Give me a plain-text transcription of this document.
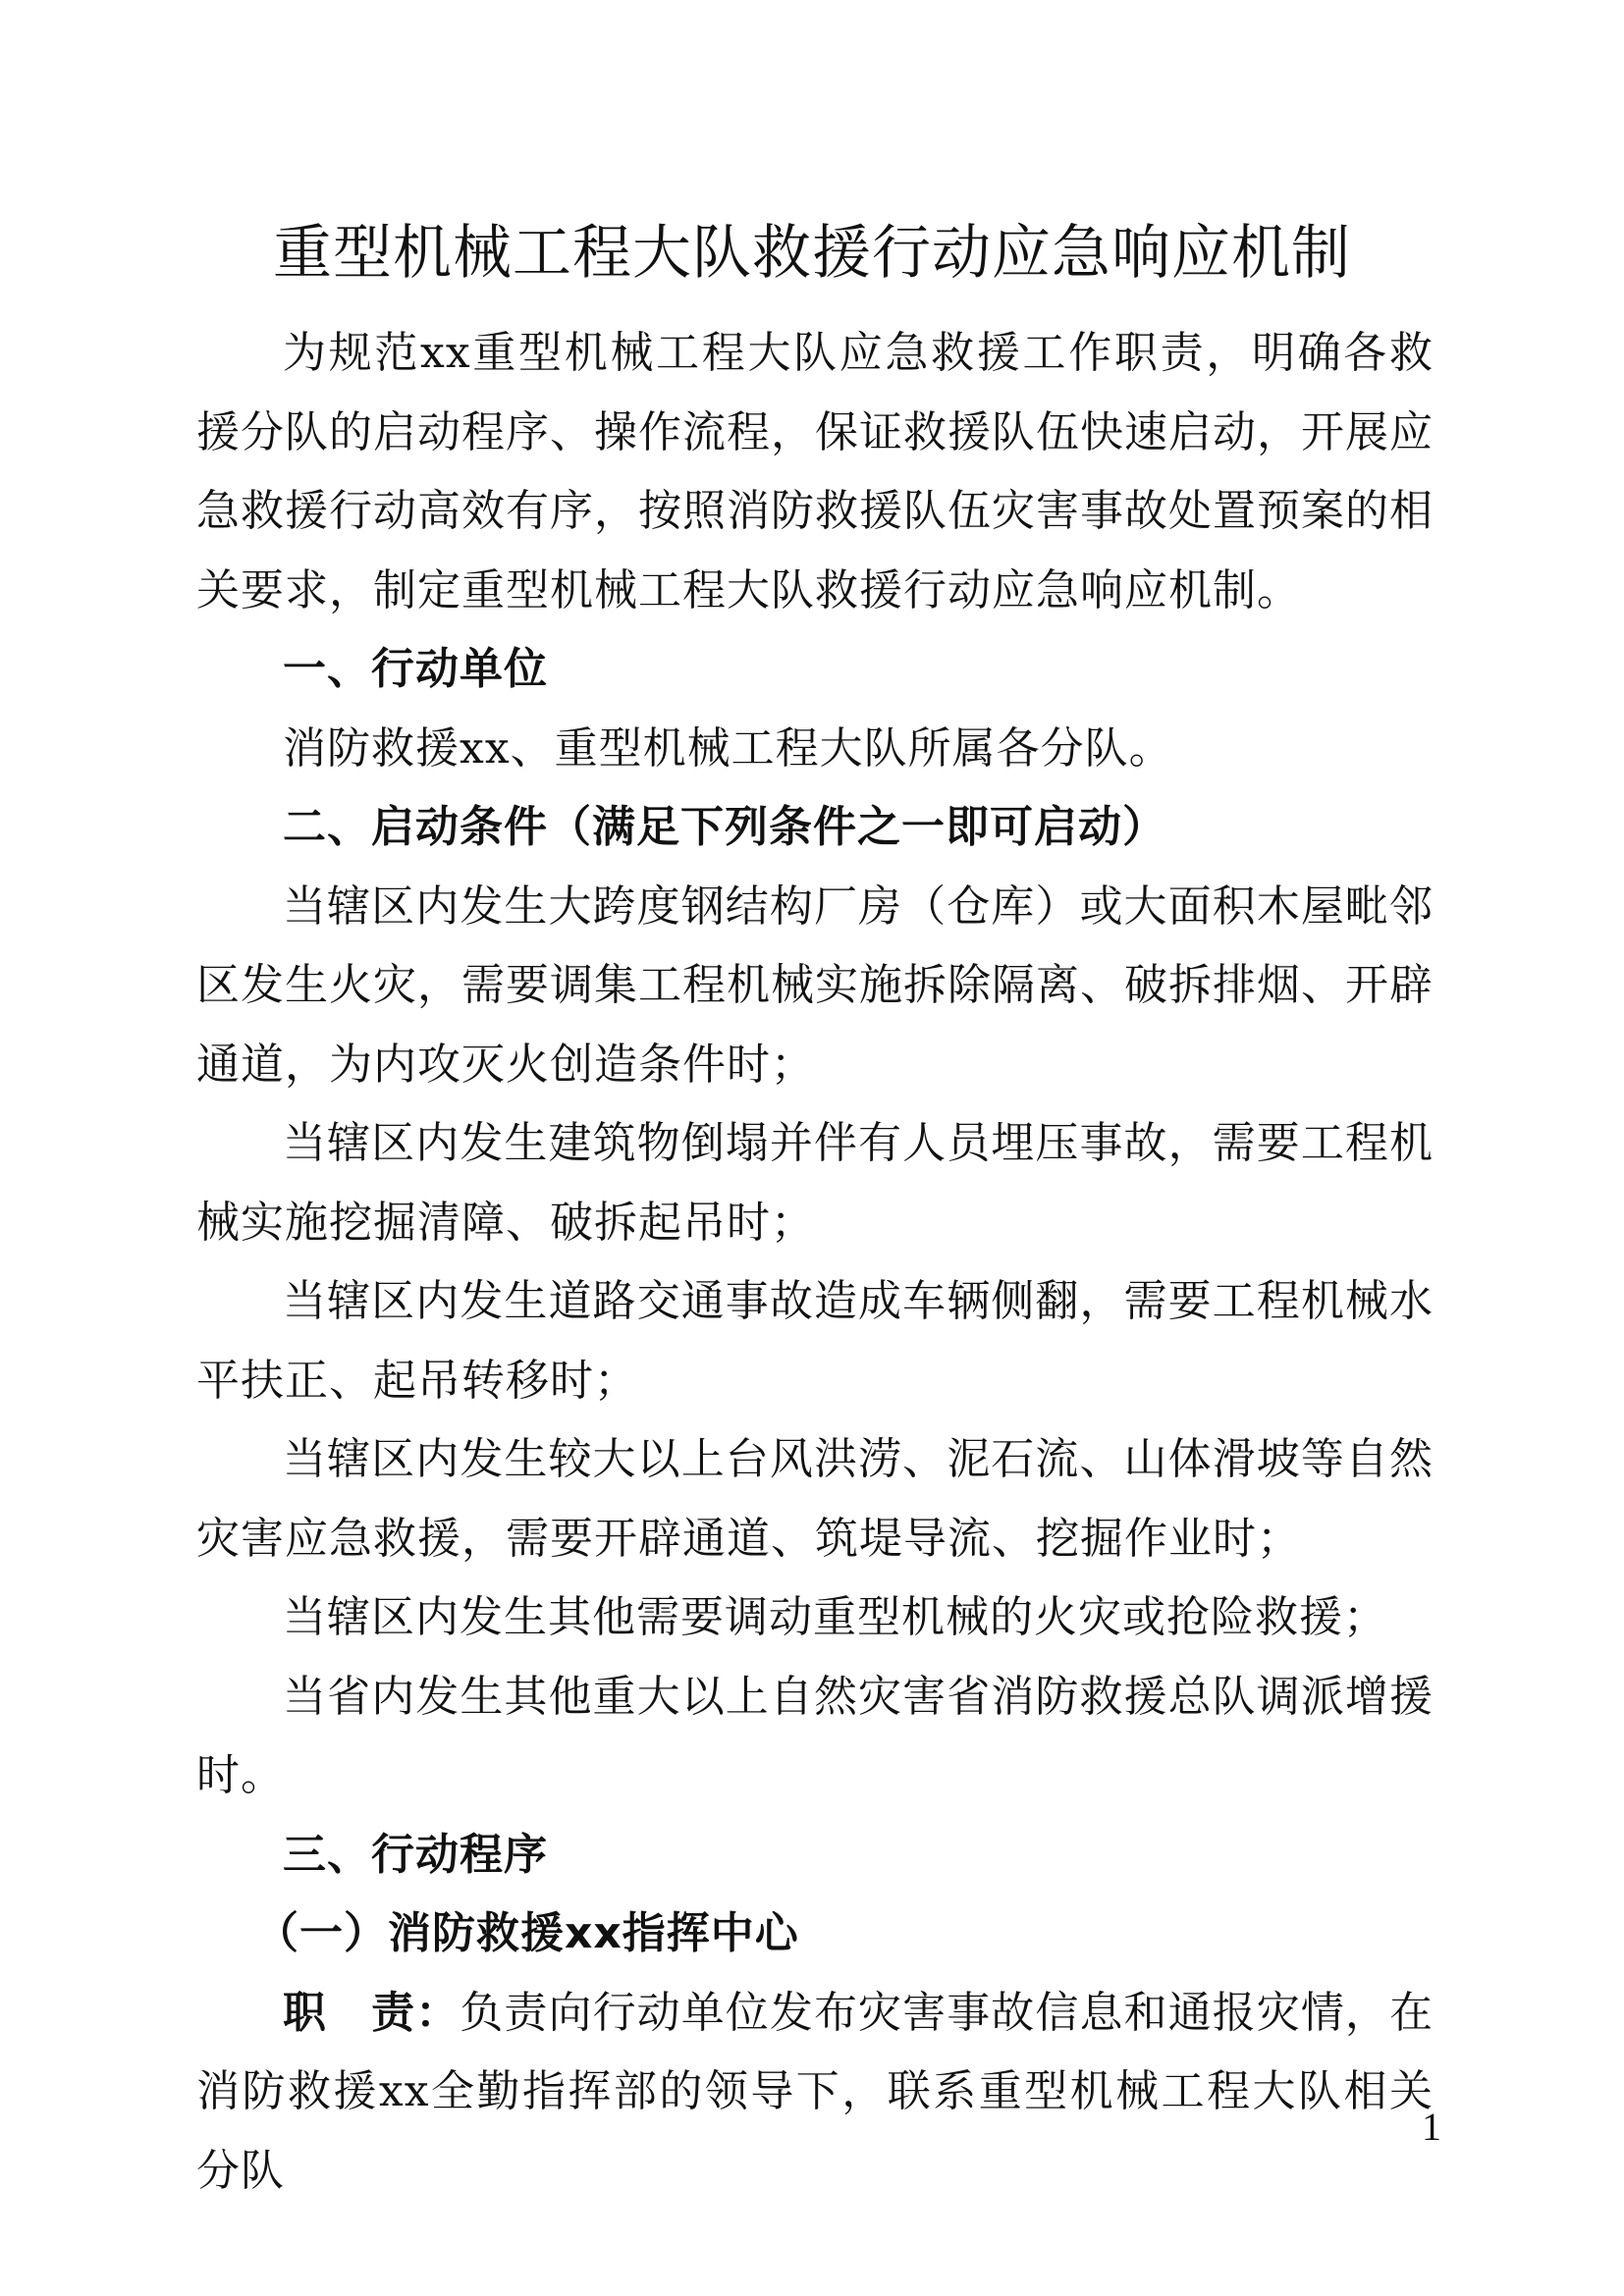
重型机械工程大队救援行动应急响应机制

为规范xx重型机械工程大队应急救援工作职责，明确各救援分队的启动程序、操作流程，保证救援队伍快速启动，开展应急救援行动高效有序，按照消防救援队伍灾害事故处置预案的相关要求，制定重型机械工程大队救援行动应急响应机制。

一、行动单位

消防救援xx、重型机械工程大队所属各分队。

二、启动条件（满足下列条件之一即可启动）

当辖区内发生大跨度钢结构厂房（仓库）或大面积木屋毗邻区发生火灾，需要调集工程机械实施拆除隔离、破拆排烟、开辟通道，为内攻灭火创造条件时；

当辖区内发生建筑物倒塌并伴有人员埋压事故，需要工程机械实施挖掘清障、破拆起吊时；

当辖区内发生道路交通事故造成车辆侧翻，需要工程机械水平扶正、起吊转移时；

当辖区内发生较大以上台风洪涝、泥石流、山体滑坡等自然灾害应急救援，需要开辟通道、筑堤导流、挖掘作业时；

当辖区内发生其他需要调动重型机械的火灾或抢险救援；

当省内发生其他重大以上自然灾害省消防救援总队调派增援时。

三、行动程序

（一）消防救援xx指挥中心

职　责：负责向行动单位发布灾害事故信息和通报灾情，在消防救援xx全勤指挥部的领导下，联系重型机械工程大队相关分队

1
